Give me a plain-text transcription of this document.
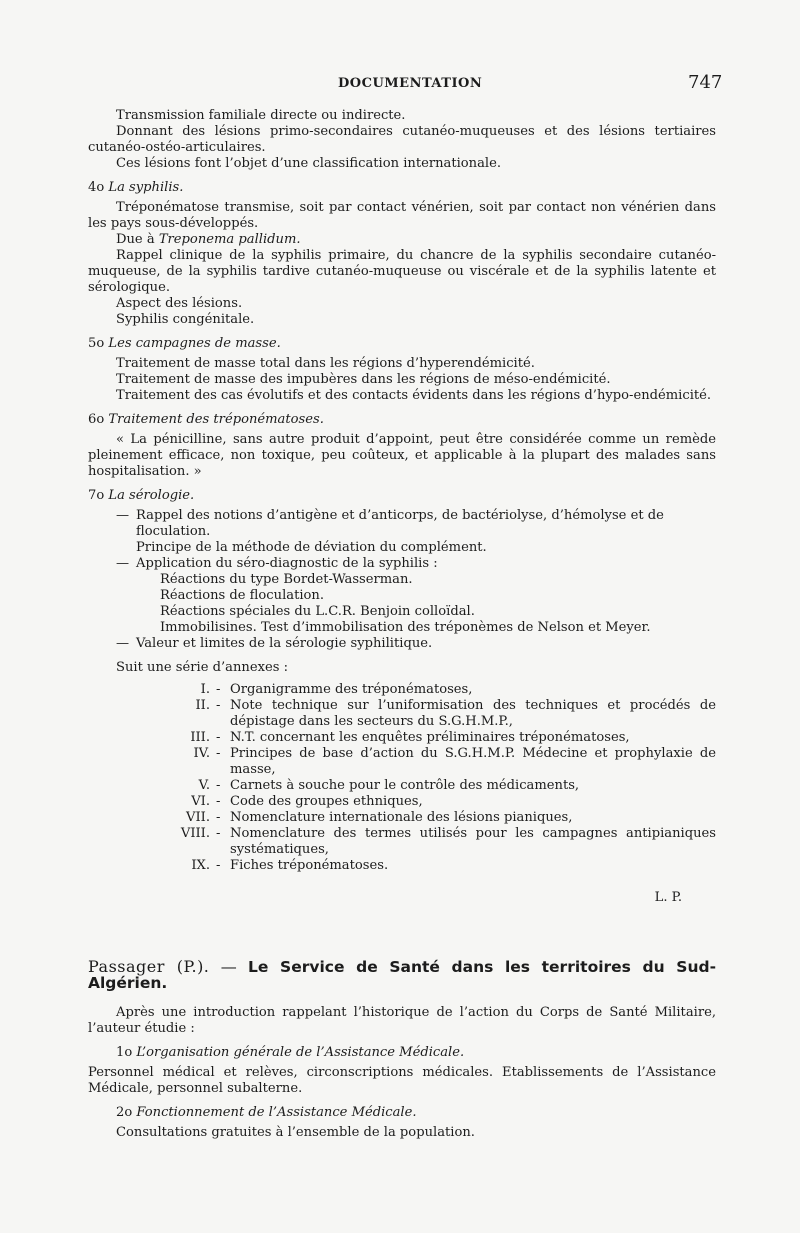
DOCUMENTATION	747

Transmission familiale directe ou indirecte.

Donnant des lésions primo-secondaires cutanéo-muqueuses et des lésions tertiaires cutanéo-ostéo-articulaires.

Ces lésions font l’objet d’une classification internationale.

4o La syphilis.

Tréponématose transmise, soit par contact vénérien, soit par contact non vénérien dans les pays sous-développés.

Due à Treponema pallidum.

Rappel clinique de la syphilis primaire, du chancre de la syphilis secondaire cutanéo-muqueuse, de la syphilis tardive cutanéo-muqueuse ou viscérale et de la syphilis latente et sérologique.

Aspect des lésions.

Syphilis congénitale.

5o Les campagnes de masse.

Traitement de masse total dans les régions d’hyperendémicité.

Traitement de masse des impubères dans les régions de méso-endémicité.

Traitement des cas évolutifs et des contacts évidents dans les régions d’hypo-endémicité.

6o Traitement des tréponématoses.

« La pénicilline, sans autre produit d’appoint, peut être considérée comme un remède pleinement efficace, non toxique, peu coûteux, et applicable à la plupart des malades sans hospitalisation. »

7o La sérologie.

— Rappel des notions d’antigène et d’anticorps, de bactériolyse, d’hémolyse et de floculation.

Principe de la méthode de déviation du complément.

— Application du séro-diagnostic de la syphilis :

Réactions du type Bordet-Wasserman.

Réactions de floculation.

Réactions spéciales du L.C.R. Benjoin colloïdal.

Immobilisines. Test d’immobilisation des tréponèmes de Nelson et Meyer.

— Valeur et limites de la sérologie syphilitique.

Suit une série d’annexes :

I. - Organigramme des tréponématoses,
II. - Note technique sur l’uniformisation des techniques et procédés de dépistage dans les secteurs du S.G.H.M.P.,
III. - N.T. concernant les enquêtes préliminaires tréponématoses,
IV. - Principes de base d’action du S.G.H.M.P. Médecine et prophylaxie de masse,
V. - Carnets à souche pour le contrôle des médicaments,
VI. - Code des groupes ethniques,
VII. - Nomenclature internationale des lésions pianiques,
VIII. - Nomenclature des termes utilisés pour les campagnes antipianiques systématiques,
IX. - Fiches tréponématoses.

L. P.

Passager (P.). — Le Service de Santé dans les territoires du Sud-Algérien.

Après une introduction rappelant l’historique de l’action du Corps de Santé Militaire, l’auteur étudie :

1o L’organisation générale de l’Assistance Médicale.

Personnel médical et relèves, circonscriptions médicales. Etablissements de l’Assistance Médicale, personnel subalterne.

2o Fonctionnement de l’Assistance Médicale.

Consultations gratuites à l’ensemble de la population.
